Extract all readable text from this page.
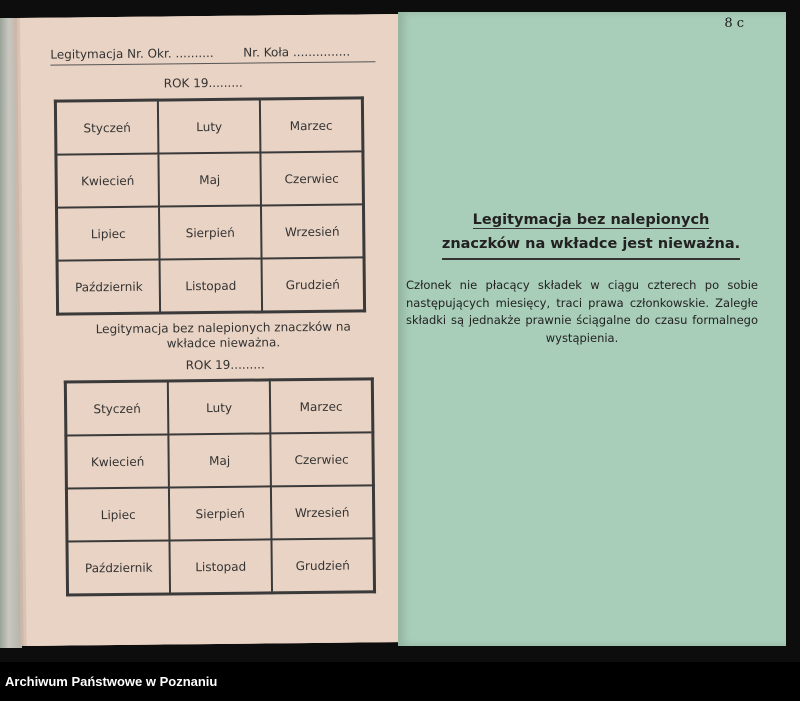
Legitymacja Nr. Okr. .......... Nr. Koła ...............
ROK 19.........
Styczeń	Luty	Marzec
Kwiecień	Maj	Czerwiec
Lipiec	Sierpień	Wrzesień
Październik	Listopad	Grudzień
Legitymacja bez nalepionych znaczków na
wkładce nieważna.
ROK 19.........
Styczeń	Luty	Marzec
Kwiecień	Maj	Czerwiec
Lipiec	Sierpień	Wrzesień
Październik	Listopad	Grudzień
8 c
Legitymacja bez nalepionych
znaczków na wkładce jest nieważna.
Członek nie płacący składek w ciągu czterech po sobie następujących miesięcy, traci prawa członkowskie. Zaległe składki są jednakże prawnie ściągalne do czasu formalnego wystąpienia.
Archiwum Państwowe w Poznaniu
